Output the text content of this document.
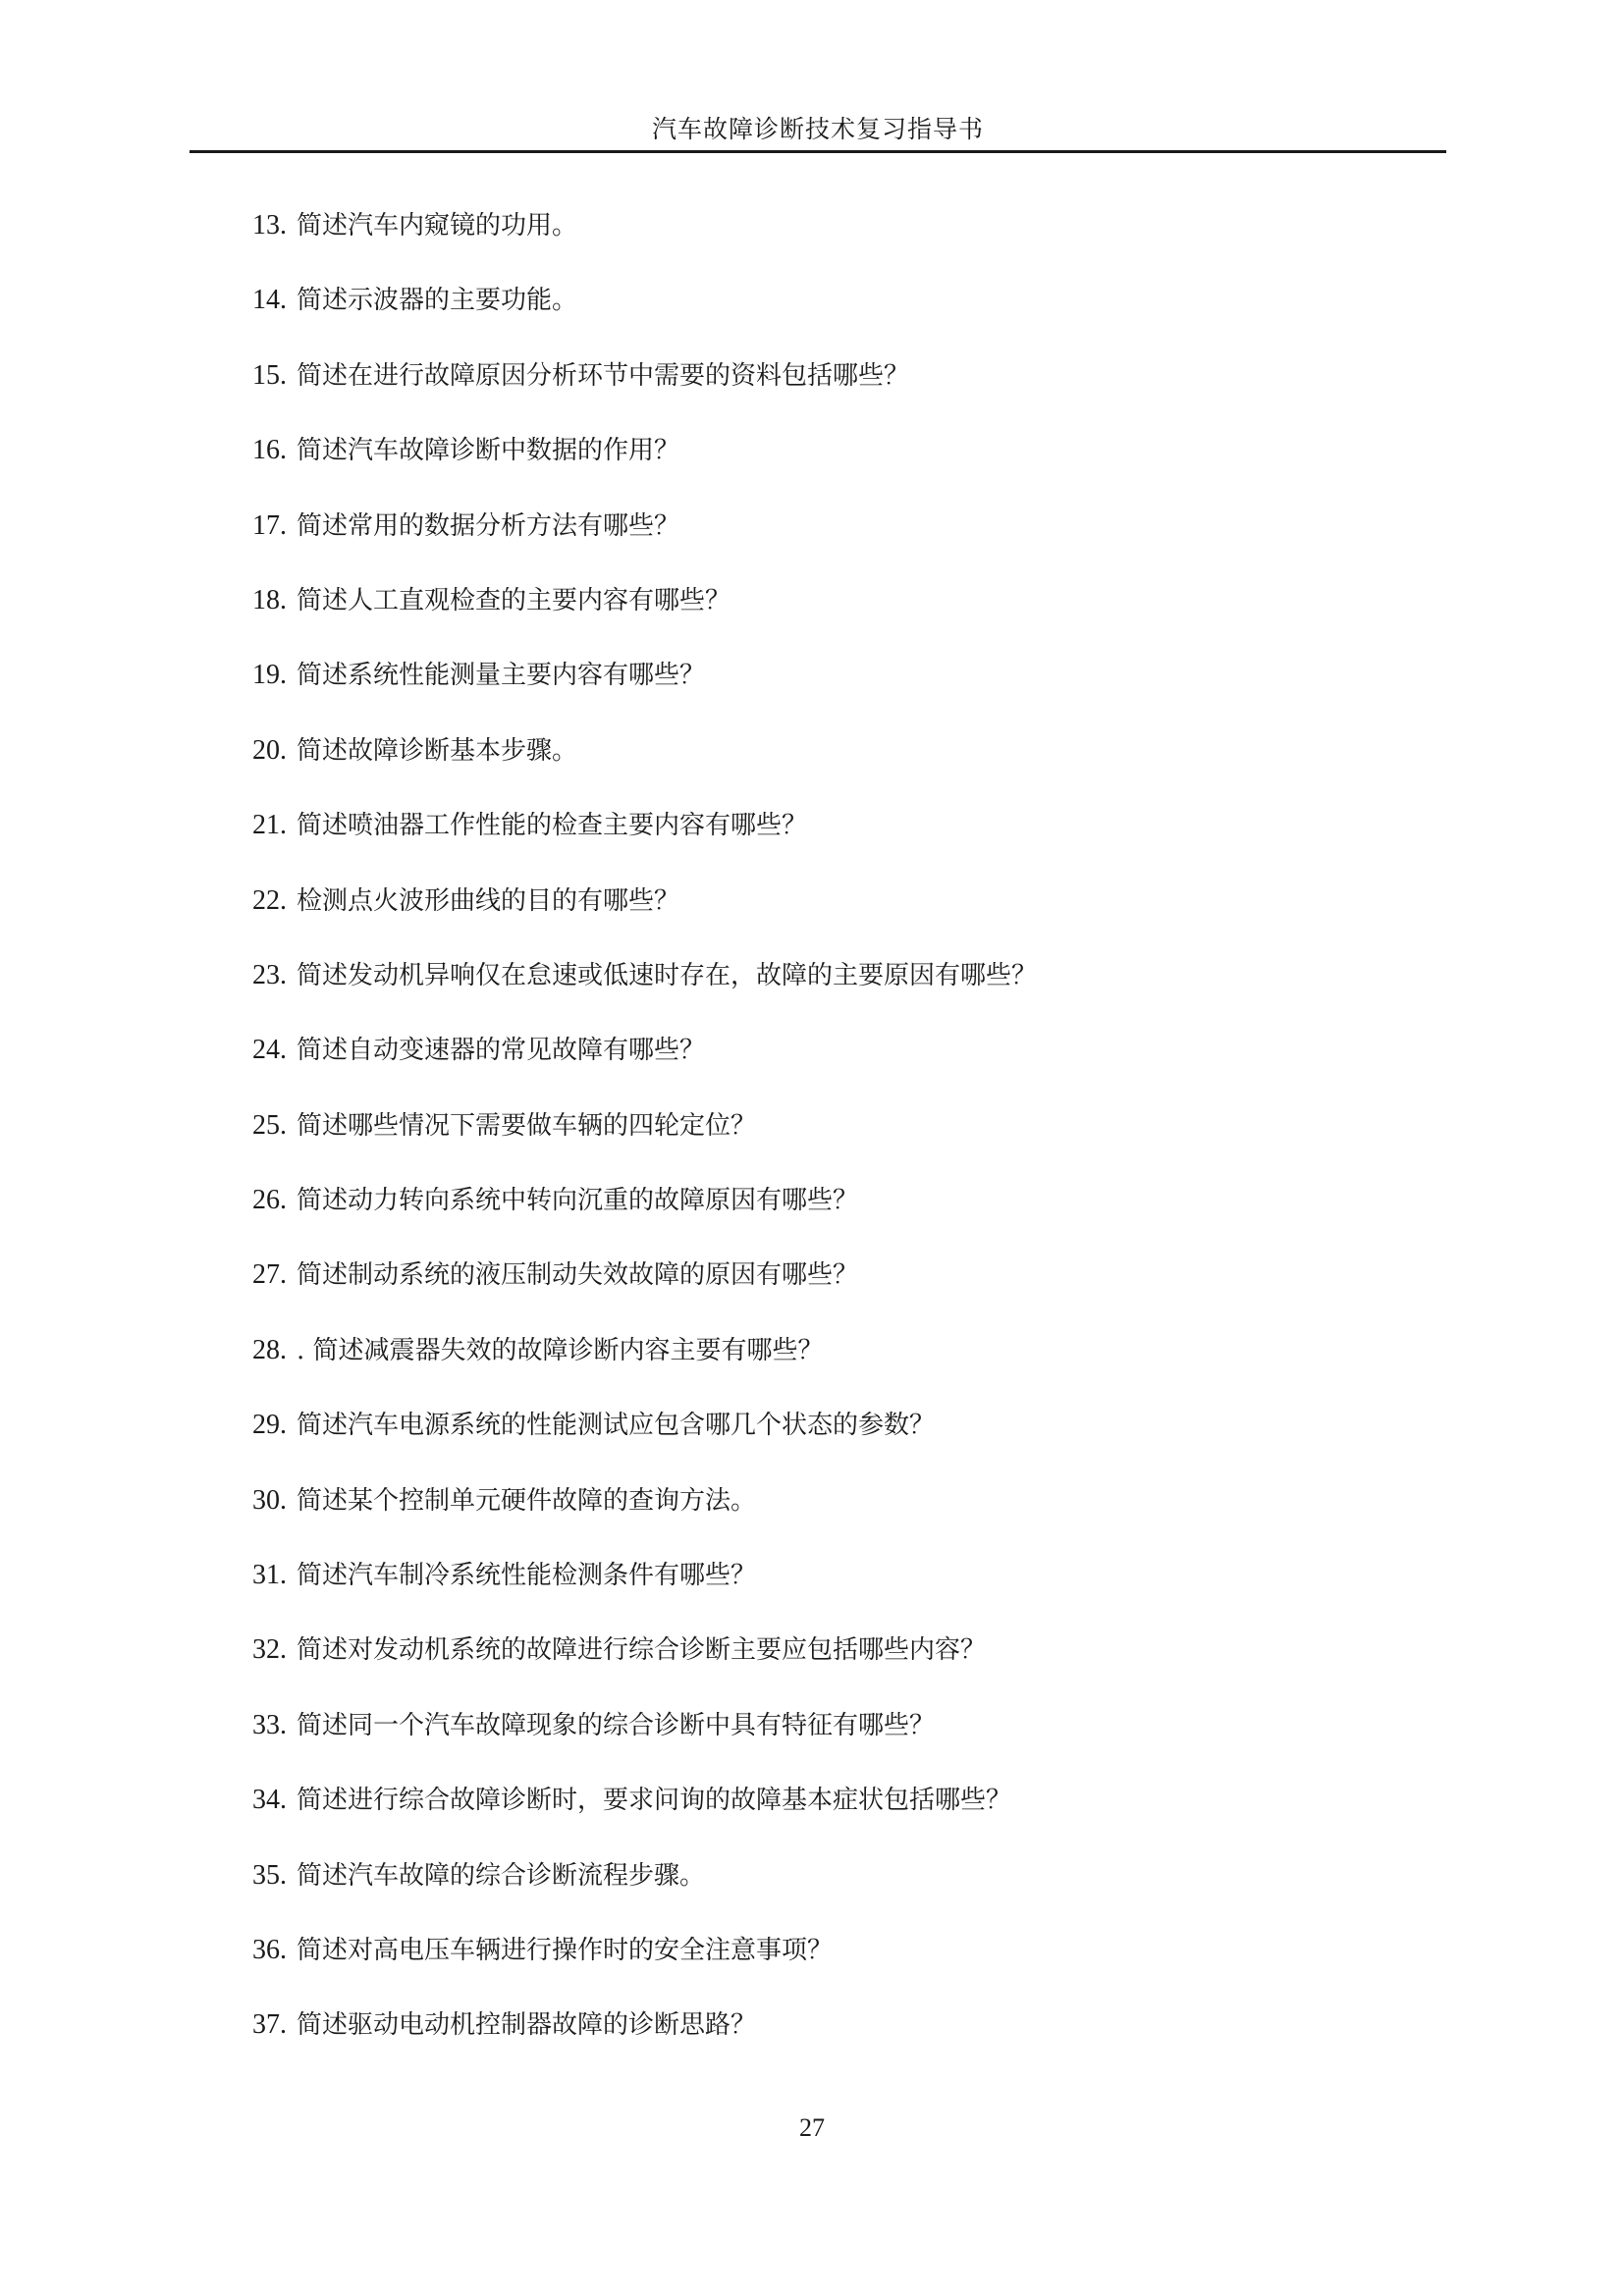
汽车故障诊断技术复习指导书
13. 简述汽车内窥镜的功用。
14. 简述示波器的主要功能。
15. 简述在进行故障原因分析环节中需要的资料包括哪些？
16. 简述汽车故障诊断中数据的作用？
17. 简述常用的数据分析方法有哪些？
18. 简述人工直观检查的主要内容有哪些？
19. 简述系统性能测量主要内容有哪些？
20. 简述故障诊断基本步骤。
21. 简述喷油器工作性能的检查主要内容有哪些？
22. 检测点火波形曲线的目的有哪些？
23. 简述发动机异响仅在怠速或低速时存在，故障的主要原因有哪些？
24. 简述自动变速器的常见故障有哪些？
25. 简述哪些情况下需要做车辆的四轮定位？
26. 简述动力转向系统中转向沉重的故障原因有哪些？
27. 简述制动系统的液压制动失效故障的原因有哪些？
28. . 简述减震器失效的故障诊断内容主要有哪些？
29. 简述汽车电源系统的性能测试应包含哪几个状态的参数？
30. 简述某个控制单元硬件故障的查询方法。
31. 简述汽车制冷系统性能检测条件有哪些？
32. 简述对发动机系统的故障进行综合诊断主要应包括哪些内容？
33. 简述同一个汽车故障现象的综合诊断中具有特征有哪些？
34. 简述进行综合故障诊断时，要求问询的故障基本症状包括哪些？
35. 简述汽车故障的综合诊断流程步骤。
36. 简述对高电压车辆进行操作时的安全注意事项？
37. 简述驱动电动机控制器故障的诊断思路？
27
